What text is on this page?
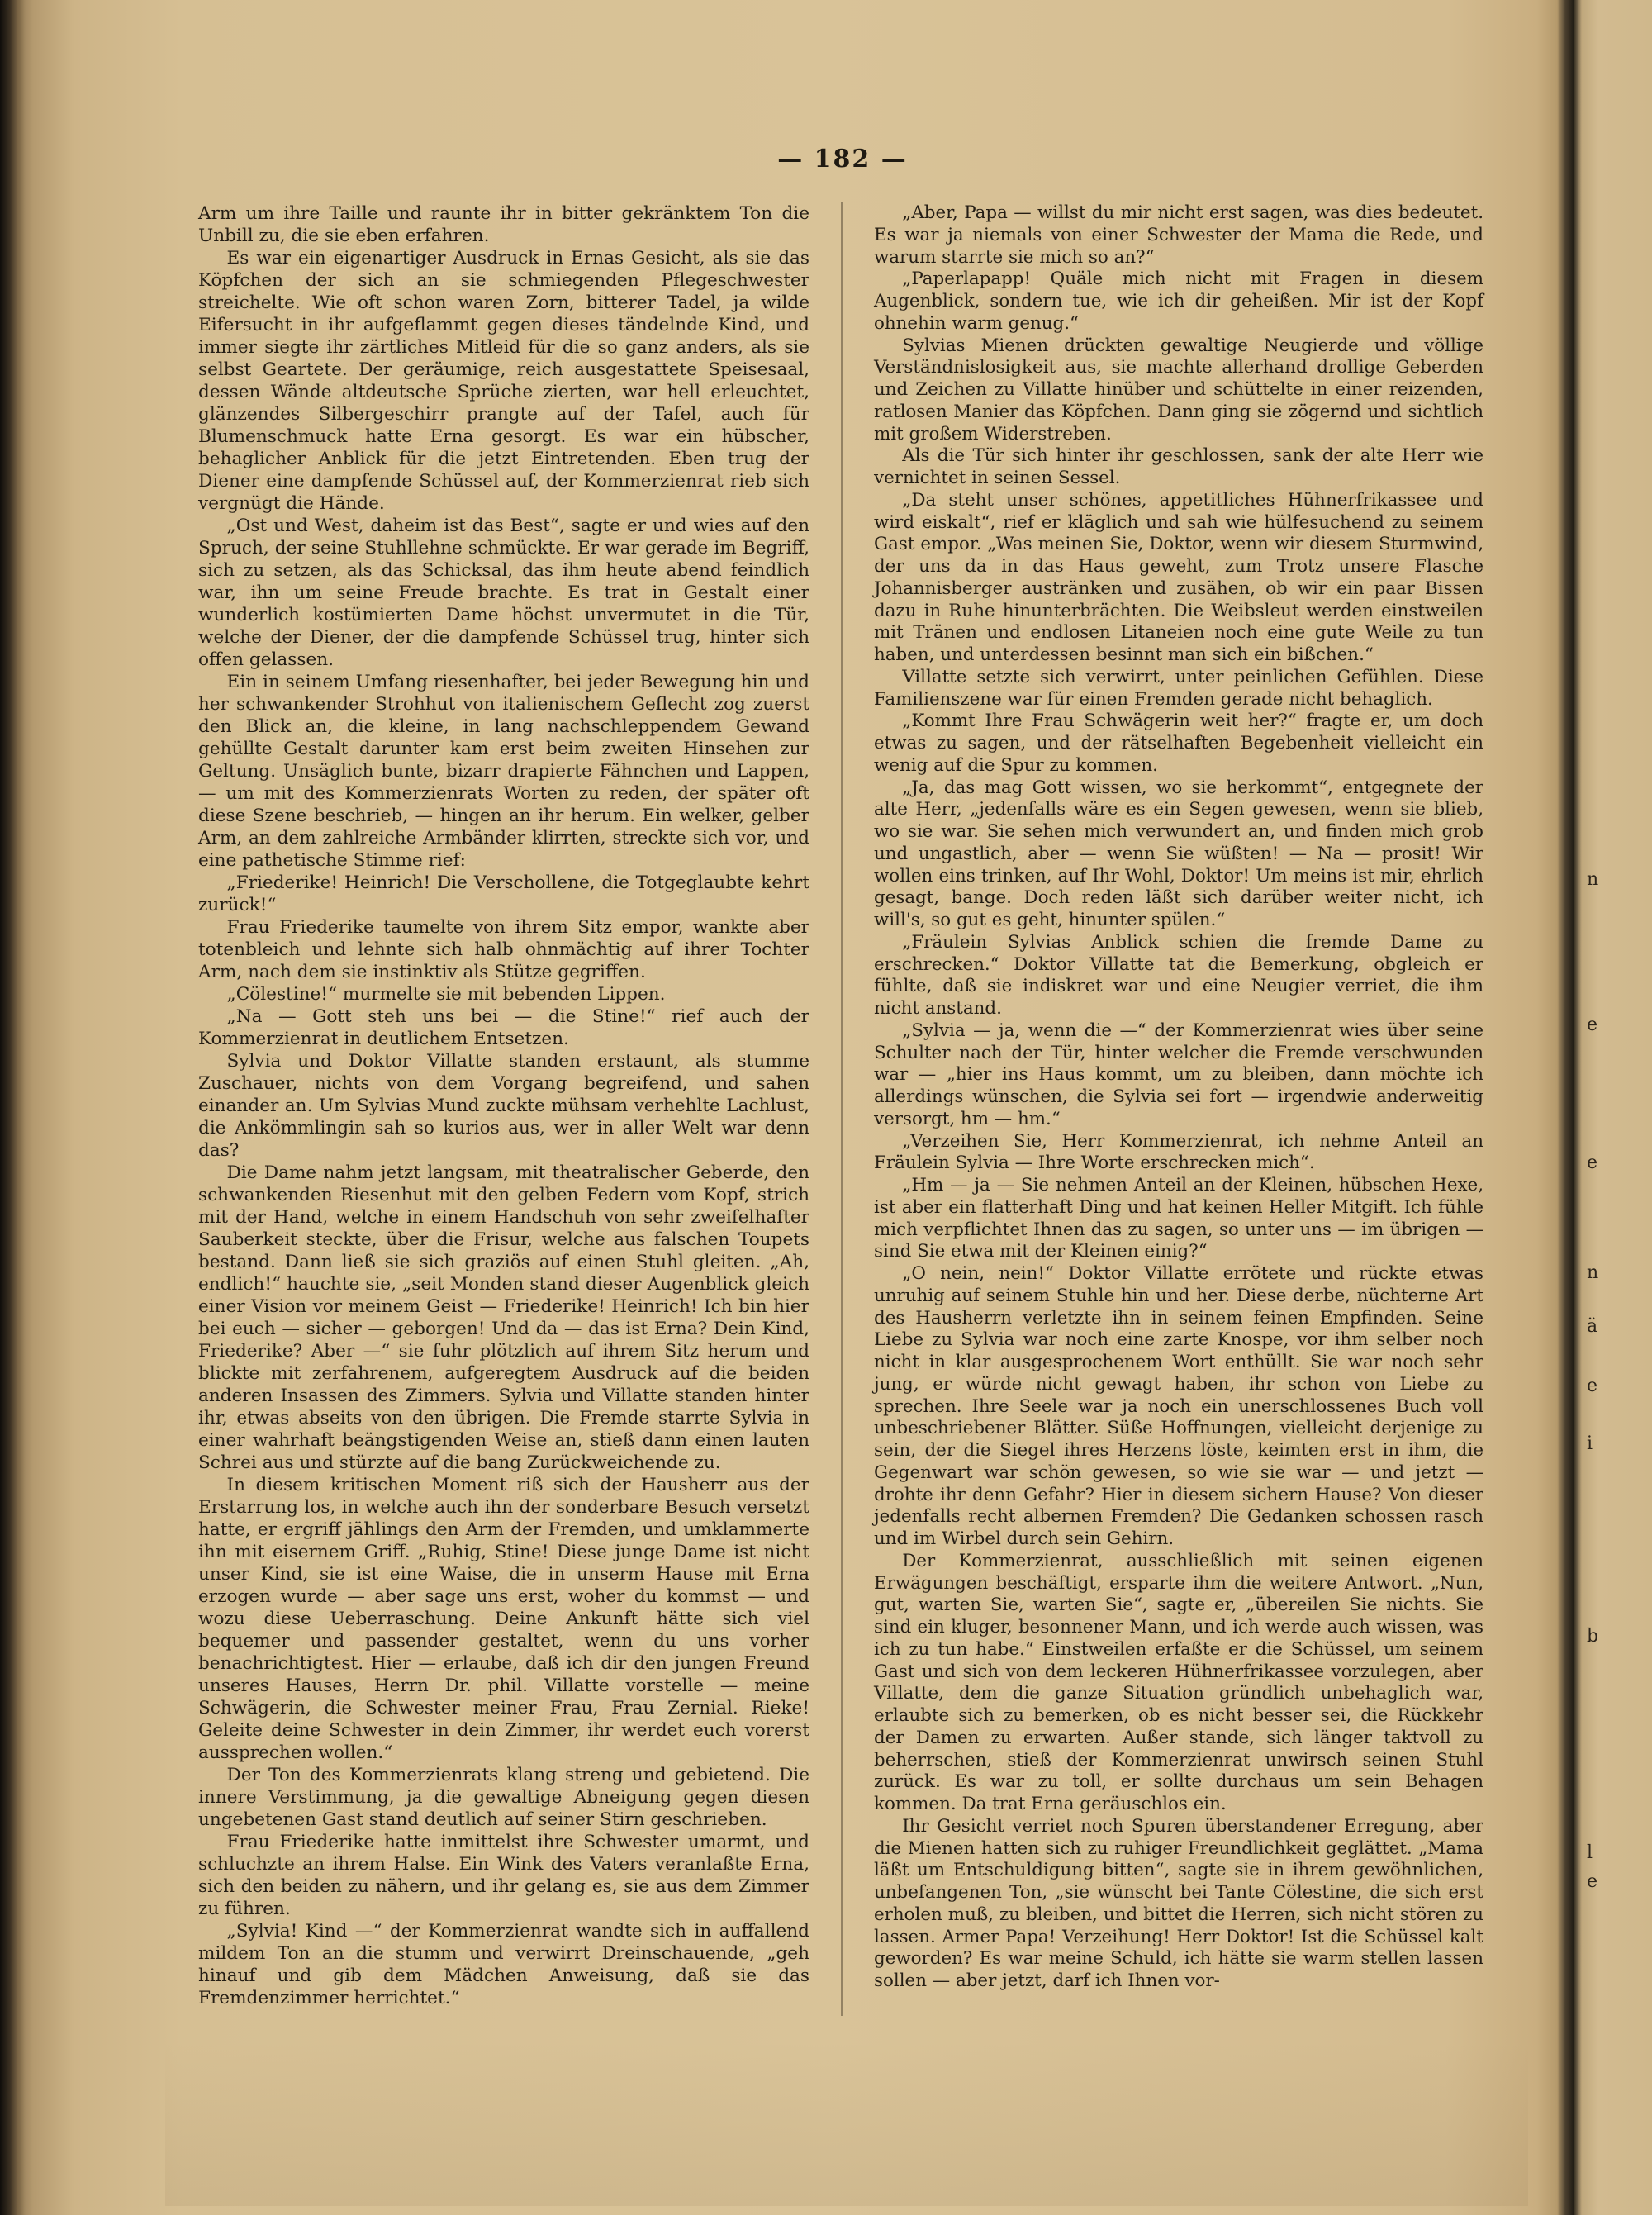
n
e
e
n
ä
e
i
b
l
e
— 182 —

Arm um ihre Taille und raunte ihr in bitter gekränktem Ton die Unbill zu, die sie eben erfahren.

Es war ein eigenartiger Ausdruck in Ernas Gesicht, als sie das Köpfchen der sich an sie schmiegenden Pflegeschwester streichelte. Wie oft schon waren Zorn, bitterer Tadel, ja wilde Eifersucht in ihr aufgeflammt gegen dieses tändelnde Kind, und immer siegte ihr zärtliches Mitleid für die so ganz anders, als sie selbst Geartete. Der geräumige, reich ausgestattete Speisesaal, dessen Wände altdeutsche Sprüche zierten, war hell erleuchtet, glänzendes Silbergeschirr prangte auf der Tafel, auch für Blumenschmuck hatte Erna gesorgt. Es war ein hübscher, behaglicher Anblick für die jetzt Eintretenden. Eben trug der Diener eine dampfende Schüssel auf, der Kommerzienrat rieb sich vergnügt die Hände.

„Ost und West, daheim ist das Best“, sagte er und wies auf den Spruch, der seine Stuhllehne schmückte. Er war gerade im Begriff, sich zu setzen, als das Schicksal, das ihm heute abend feindlich war, ihn um seine Freude brachte. Es trat in Gestalt einer wunderlich kostümierten Dame höchst unvermutet in die Tür, welche der Diener, der die dampfende Schüssel trug, hinter sich offen gelassen.

Ein in seinem Umfang riesenhafter, bei jeder Bewegung hin und her schwankender Strohhut von italienischem Geflecht zog zuerst den Blick an, die kleine, in lang nachschleppendem Gewand gehüllte Gestalt darunter kam erst beim zweiten Hinsehen zur Geltung. Unsäglich bunte, bizarr drapierte Fähnchen und Lappen, — um mit des Kommerzienrats Worten zu reden, der später oft diese Szene beschrieb, — hingen an ihr herum. Ein welker, gelber Arm, an dem zahlreiche Armbänder klirrten, streckte sich vor, und eine pathetische Stimme rief:

„Friederike! Heinrich! Die Verschollene, die Totgeglaubte kehrt zurück!“

Frau Friederike taumelte von ihrem Sitz empor, wankte aber totenbleich und lehnte sich halb ohnmächtig auf ihrer Tochter Arm, nach dem sie instinktiv als Stütze gegriffen.

„Cölestine!“ murmelte sie mit bebenden Lippen.

„Na — Gott steh uns bei — die Stine!“ rief auch der Kommerzienrat in deutlichem Entsetzen.

Sylvia und Doktor Villatte standen erstaunt, als stumme Zuschauer, nichts von dem Vorgang begreifend, und sahen einander an. Um Sylvias Mund zuckte mühsam verhehlte Lachlust, die Ankömmlingin sah so kurios aus, wer in aller Welt war denn das?

Die Dame nahm jetzt langsam, mit theatralischer Geberde, den schwankenden Riesenhut mit den gelben Federn vom Kopf, strich mit der Hand, welche in einem Handschuh von sehr zweifelhafter Sauberkeit steckte, über die Frisur, welche aus falschen Toupets bestand. Dann ließ sie sich graziös auf einen Stuhl gleiten. „Ah, endlich!“ hauchte sie, „seit Monden stand dieser Augenblick gleich einer Vision vor meinem Geist — Friederike! Heinrich! Ich bin hier bei euch — sicher — geborgen! Und da — das ist Erna? Dein Kind, Friederike? Aber —“ sie fuhr plötzlich auf ihrem Sitz herum und blickte mit zerfahrenem, aufgeregtem Ausdruck auf die beiden anderen Insassen des Zimmers. Sylvia und Villatte standen hinter ihr, etwas abseits von den übrigen. Die Fremde starrte Sylvia in einer wahrhaft beängstigenden Weise an, stieß dann einen lauten Schrei aus und stürzte auf die bang Zurückweichende zu.

In diesem kritischen Moment riß sich der Hausherr aus der Erstarrung los, in welche auch ihn der sonderbare Besuch versetzt hatte, er ergriff jählings den Arm der Fremden, und umklammerte ihn mit eisernem Griff. „Ruhig, Stine! Diese junge Dame ist nicht unser Kind, sie ist eine Waise, die in unserm Hause mit Erna erzogen wurde — aber sage uns erst, woher du kommst — und wozu diese Ueberraschung. Deine Ankunft hätte sich viel bequemer und passender gestaltet, wenn du uns vorher benachrichtigtest. Hier — erlaube, daß ich dir den jungen Freund unseres Hauses, Herrn Dr. phil. Villatte vorstelle — meine Schwägerin, die Schwester meiner Frau, Frau Zernial. Rieke! Geleite deine Schwester in dein Zimmer, ihr werdet euch vorerst aussprechen wollen.“

Der Ton des Kommerzienrats klang streng und gebietend. Die innere Verstimmung, ja die gewaltige Abneigung gegen diesen ungebetenen Gast stand deutlich auf seiner Stirn geschrieben.

Frau Friederike hatte inmittelst ihre Schwester umarmt, und schluchzte an ihrem Halse. Ein Wink des Vaters veranlaßte Erna, sich den beiden zu nähern, und ihr gelang es, sie aus dem Zimmer zu führen.

„Sylvia! Kind —“ der Kommerzienrat wandte sich in auffallend mildem Ton an die stumm und verwirrt Dreinschauende, „geh hinauf und gib dem Mädchen Anweisung, daß sie das Fremdenzimmer herrichtet.“

„Aber, Papa — willst du mir nicht erst sagen, was dies bedeutet. Es war ja niemals von einer Schwester der Mama die Rede, und warum starrte sie mich so an?“

„Paperlapapp! Quäle mich nicht mit Fragen in diesem Augenblick, sondern tue, wie ich dir geheißen. Mir ist der Kopf ohnehin warm genug.“

Sylvias Mienen drückten gewaltige Neugierde und völlige Verständnislosigkeit aus, sie machte allerhand drollige Geberden und Zeichen zu Villatte hinüber und schüttelte in einer reizenden, ratlosen Manier das Köpfchen. Dann ging sie zögernd und sichtlich mit großem Widerstreben.

Als die Tür sich hinter ihr geschlossen, sank der alte Herr wie vernichtet in seinen Sessel.

„Da steht unser schönes, appetitliches Hühnerfrikassee und wird eiskalt“, rief er kläglich und sah wie hülfesuchend zu seinem Gast empor. „Was meinen Sie, Doktor, wenn wir diesem Sturmwind, der uns da in das Haus geweht, zum Trotz unsere Flasche Johannisberger austränken und zusähen, ob wir ein paar Bissen dazu in Ruhe hinunterbrächten. Die Weibsleut werden einstweilen mit Tränen und endlosen Litaneien noch eine gute Weile zu tun haben, und unterdessen besinnt man sich ein bißchen.“

Villatte setzte sich verwirrt, unter peinlichen Gefühlen. Diese Familienszene war für einen Fremden gerade nicht behaglich.

„Kommt Ihre Frau Schwägerin weit her?“ fragte er, um doch etwas zu sagen, und der rätselhaften Begebenheit vielleicht ein wenig auf die Spur zu kommen.

„Ja, das mag Gott wissen, wo sie herkommt“, entgegnete der alte Herr, „jedenfalls wäre es ein Segen gewesen, wenn sie blieb, wo sie war. Sie sehen mich verwundert an, und finden mich grob und ungastlich, aber — wenn Sie wüßten! — Na — prosit! Wir wollen eins trinken, auf Ihr Wohl, Doktor! Um meins ist mir, ehrlich gesagt, bange. Doch reden läßt sich darüber weiter nicht, ich will's, so gut es geht, hinunter spülen.“

„Fräulein Sylvias Anblick schien die fremde Dame zu erschrecken.“ Doktor Villatte tat die Bemerkung, obgleich er fühlte, daß sie indiskret war und eine Neugier verriet, die ihm nicht anstand.

„Sylvia — ja, wenn die —“ der Kommerzienrat wies über seine Schulter nach der Tür, hinter welcher die Fremde verschwunden war — „hier ins Haus kommt, um zu bleiben, dann möchte ich allerdings wünschen, die Sylvia sei fort — irgendwie anderweitig versorgt, hm — hm.“

„Verzeihen Sie, Herr Kommerzienrat, ich nehme Anteil an Fräulein Sylvia — Ihre Worte erschrecken mich“.

„Hm — ja — Sie nehmen Anteil an der Kleinen, hübschen Hexe, ist aber ein flatterhaft Ding und hat keinen Heller Mitgift. Ich fühle mich verpflichtet Ihnen das zu sagen, so unter uns — im übrigen — sind Sie etwa mit der Kleinen einig?“

„O nein, nein!“ Doktor Villatte errötete und rückte etwas unruhig auf seinem Stuhle hin und her. Diese derbe, nüchterne Art des Hausherrn verletzte ihn in seinem feinen Empfinden. Seine Liebe zu Sylvia war noch eine zarte Knospe, vor ihm selber noch nicht in klar ausgesprochenem Wort enthüllt. Sie war noch sehr jung, er würde nicht gewagt haben, ihr schon von Liebe zu sprechen. Ihre Seele war ja noch ein unerschlossenes Buch voll unbeschriebener Blätter. Süße Hoffnungen, vielleicht derjenige zu sein, der die Siegel ihres Herzens löste, keimten erst in ihm, die Gegenwart war schön gewesen, so wie sie war — und jetzt — drohte ihr denn Gefahr? Hier in diesem sichern Hause? Von dieser jedenfalls recht albernen Fremden? Die Gedanken schossen rasch und im Wirbel durch sein Gehirn.

Der Kommerzienrat, ausschließlich mit seinen eigenen Erwägungen beschäftigt, ersparte ihm die weitere Antwort. „Nun, gut, warten Sie, warten Sie“, sagte er, „übereilen Sie nichts. Sie sind ein kluger, besonnener Mann, und ich werde auch wissen, was ich zu tun habe.“ Einstweilen erfaßte er die Schüssel, um seinem Gast und sich von dem leckeren Hühnerfrikassee vorzulegen, aber Villatte, dem die ganze Situation gründlich unbehaglich war, erlaubte sich zu bemerken, ob es nicht besser sei, die Rückkehr der Damen zu erwarten. Außer stande, sich länger taktvoll zu beherrschen, stieß der Kommerzienrat unwirsch seinen Stuhl zurück. Es war zu toll, er sollte durchaus um sein Behagen kommen. Da trat Erna geräuschlos ein.

Ihr Gesicht verriet noch Spuren überstandener Erregung, aber die Mienen hatten sich zu ruhiger Freundlichkeit geglättet. „Mama läßt um Entschuldigung bitten“, sagte sie in ihrem gewöhnlichen, unbefangenen Ton, „sie wünscht bei Tante Cölestine, die sich erst erholen muß, zu bleiben, und bittet die Herren, sich nicht stören zu lassen. Armer Papa! Verzeihung! Herr Doktor! Ist die Schüssel kalt geworden? Es war meine Schuld, ich hätte sie warm stellen lassen sollen — aber jetzt, darf ich Ihnen vor-
